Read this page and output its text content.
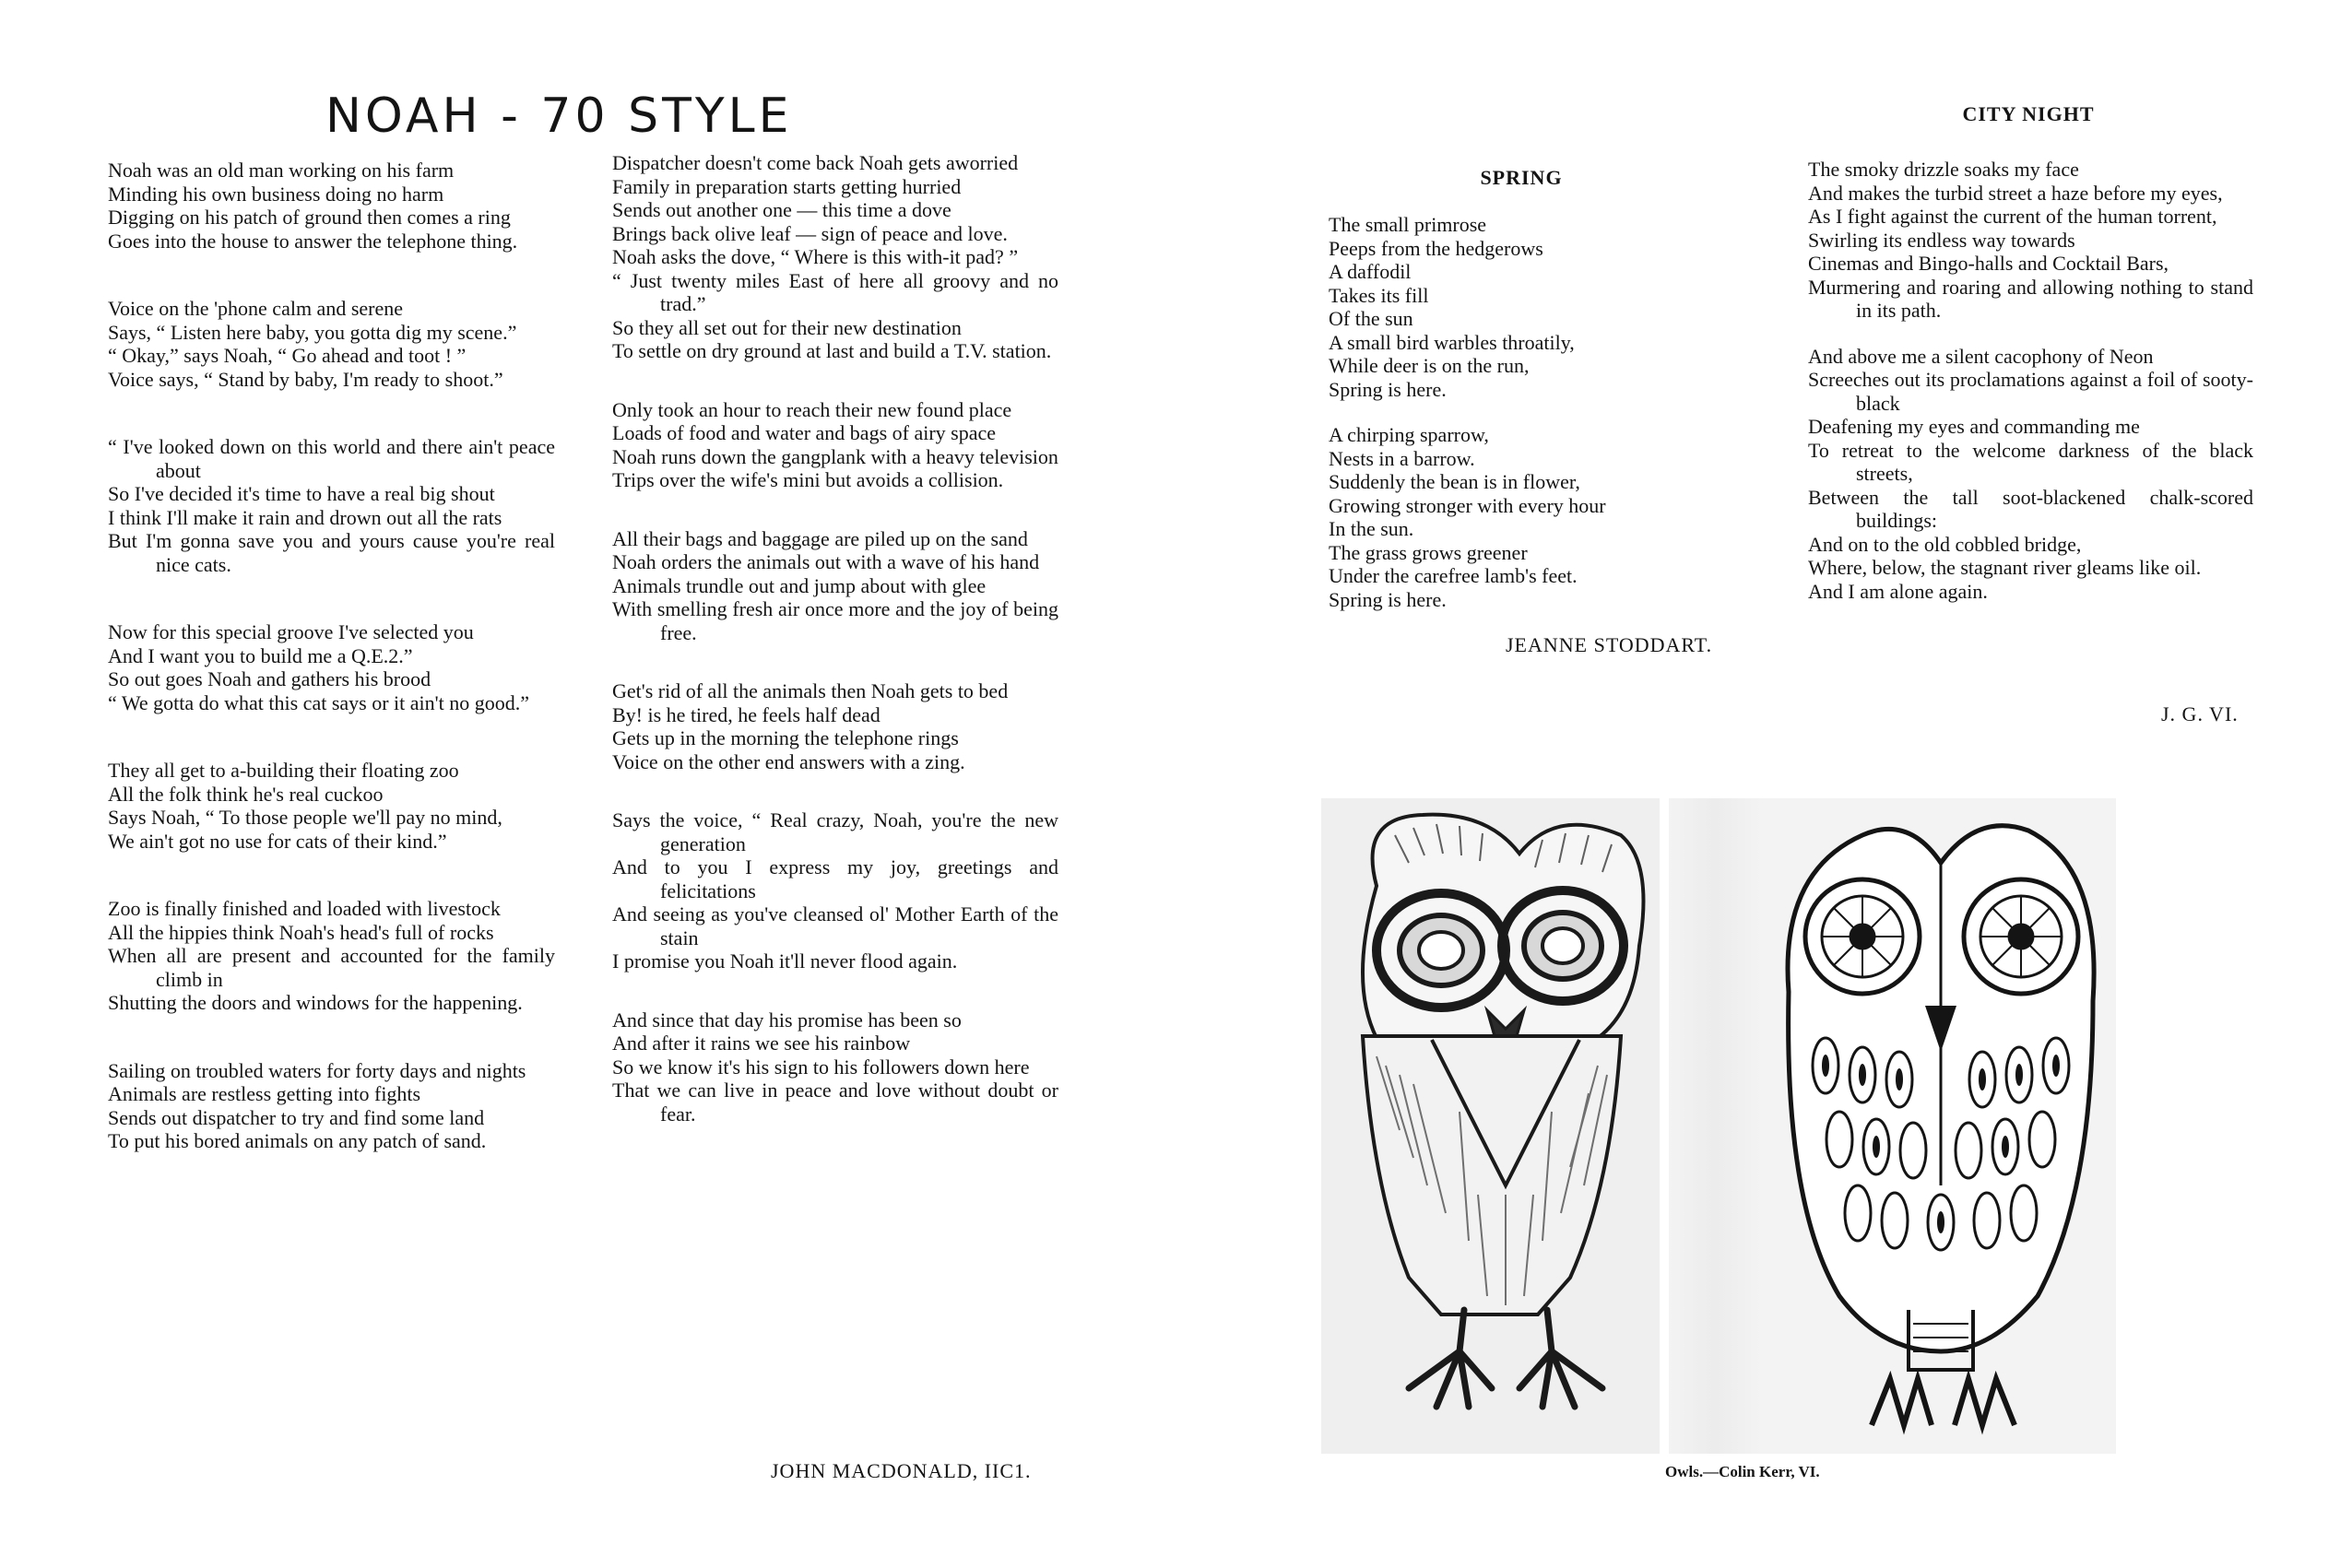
NOAH - 70 STYLE
Noah was an old man working on his farm
Minding his own business doing no harm
Digging on his patch of ground then comes a ring
Goes into the house to answer the telephone thing.
Voice on the 'phone calm and serene
Says, “ Listen here baby, you gotta dig my scene.”
“ Okay,” says Noah, “ Go ahead and toot ! ”
Voice says, “ Stand by baby, I'm ready to shoot.”
“ I've looked down on this world and there ain't peace about
So I've decided it's time to have a real big shout
I think I'll make it rain and drown out all the rats
But I'm gonna save you and yours cause you're real nice cats.
Now for this special groove I've selected you
And I want you to build me a Q.E.2.”
So out goes Noah and gathers his brood
“ We gotta do what this cat says or it ain't no good.”
They all get to a-building their floating zoo
All the folk think he's real cuckoo
Says Noah, “ To those people we'll pay no mind,
We ain't got no use for cats of their kind.”
Zoo is finally finished and loaded with livestock
All the hippies think Noah's head's full of rocks
When all are present and accounted for the family climb in
Shutting the doors and windows for the happening.
Sailing on troubled waters for forty days and nights
Animals are restless getting into fights
Sends out dispatcher to try and find some land
To put his bored animals on any patch of sand.
Dispatcher doesn't come back Noah gets aworried
Family in preparation starts getting hurried
Sends out another one — this time a dove
Brings back olive leaf — sign of peace and love.
Noah asks the dove, “ Where is this with-it pad? ”
“ Just twenty miles East of here all groovy and no trad.”
So they all set out for their new destination
To settle on dry ground at last and build a T.V. station.
Only took an hour to reach their new found place
Loads of food and water and bags of airy space
Noah runs down the gangplank with a heavy television
Trips over the wife's mini but avoids a collision.
All their bags and baggage are piled up on the sand
Noah orders the animals out with a wave of his hand
Animals trundle out and jump about with glee
With smelling fresh air once more and the joy of being free.
Get's rid of all the animals then Noah gets to bed
By! is he tired, he feels half dead
Gets up in the morning the telephone rings
Voice on the other end answers with a zing.
Says the voice, “ Real crazy, Noah, you're the new generation
And to you I express my joy, greetings and felicitations
And seeing as you've cleansed ol' Mother Earth of the stain
I promise you Noah it'll never flood again.
And since that day his promise has been so
And after it rains we see his rainbow
So we know it's his sign to his followers down here
That we can live in peace and love without doubt or fear.
JOHN MACDONALD, IIC1.
SPRING
The small primrose
Peeps from the hedgerows
A daffodil
Takes its fill
Of the sun
A small bird warbles throatily,
While deer is on the run,
Spring is here.
A chirping sparrow,
Nests in a barrow.
Suddenly the bean is in flower,
Growing stronger with every hour
In the sun.
The grass grows greener
Under the carefree lamb's feet.
Spring is here.
JEANNE STODDART.
CITY NIGHT
The smoky drizzle soaks my face
And makes the turbid street a haze before my eyes,
As I fight against the current of the human torrent,
Swirling its endless way towards
Cinemas and Bingo-halls and Cocktail Bars,
Murmering and roaring and allowing nothing to stand in its path.
And above me a silent cacophony of Neon
Screeches out its proclamations against a foil of sooty-black
Deafening my eyes and commanding me
To retreat to the welcome darkness of the black streets,
Between the tall soot-blackened chalk-scored buildings:
And on to the old cobbled bridge,
Where, below, the stagnant river gleams like oil.
And I am alone again.
J. G. VI.
Owls.—Colin Kerr, VI.
